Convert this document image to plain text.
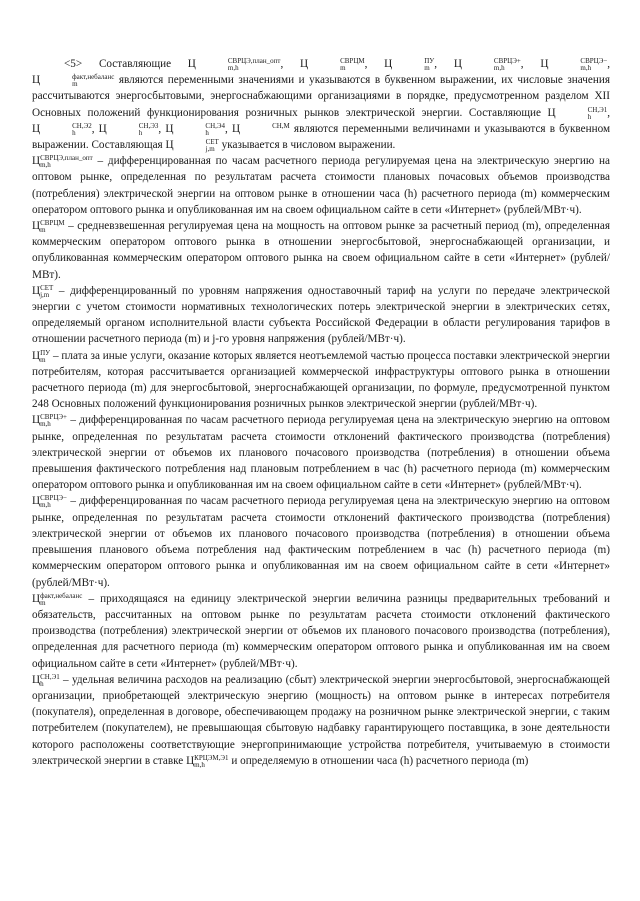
<5> Составляющие Ц	СВРЦЭ,план_опт
m,h	, Ц	СВРЦМ
m	, Ц	ПУ
m , Ц	СВРЦЭ+
m,h	, Ц	СВРЦЭ−
m,h	, Ц	факт,небаланс
m	являются переменными значениями и указываются в буквенном выражении, их числовые значения рассчитываются энергосбытовыми, энергоснабжающими организациями в порядке, предусмотренном разделом XII Основных положений функционирования розничных рынков электрической энергии. Составляющие Ц	СН,Э1
h	, Ц	СН,Э2
h	, Ц	СН,Э3
h	, Ц	СН,Э4
h	, Ц	СН,М
являются переменными величинами и указываются в буквенном выражении. Составляющая Ц	СЕТ
j,m указывается в числовом выражении.

Ц СВРЦЭ,план_опт
m,h	– дифференцированная по часам расчетного периода регулируемая цена на электрическую энергию на оптовом рынке, определенная по результатам расчета стоимости плановых почасовых объемов производства (потребления) электрической энергии на оптовом рынке в отношении часа (h) расчетного периода (m) коммерческим оператором оптового рынка и опубликованная им на своем официальном сайте в сети «Интернет» (рублей/МВт·ч).

Ц СВРЦМ
m	– средневзвешенная регулируемая цена на мощность на оптовом рынке за расчетный период (m), определенная коммерческим оператором оптового рынка в отношении энергосбытовой, энергоснабжающей организации, и опубликованная коммерческим оператором оптового рынка на своем официальном сайте в сети «Интернет» (рублей/МВт).

Ц СЕТ
j,m – дифференцированный по уровням напряжения одноставочный тариф на услуги по передаче электрической энергии с учетом стоимости нормативных технологических потерь электрической энергии в электрических сетях, определяемый органом исполнительной власти субъекта Российской Федерации в области регулирования тарифов в отношении расчетного периода (m) и j-го уровня напряжения (рублей/МВт·ч).

Ц ПУ
m – плата за иные услуги, оказание которых является неотъемлемой частью процесса поставки электрической энергии потребителям, которая рассчитывается организацией коммерческой инфраструктуры оптового рынка в отношении расчетного периода (m) для энергосбытовой, энергоснабжающей организации, по формуле, предусмотренной пунктом 248 Основных положений функционирования розничных рынков электрической энергии (рублей/МВт·ч).

Ц СВРЦЭ+
m,h	– дифференцированная по часам расчетного периода регулируемая цена на электрическую энергию на оптовом рынке, определенная по результатам расчета стоимости отклонений фактического производства (потребления) электрической энергии от объемов их планового почасового производства (потребления) в отношении объема превышения фактического потребления над плановым потреблением в час (h) расчетного периода (m) коммерческим оператором оптового рынка и опубликованная им на своем официальном сайте в сети «Интернет» (рублей/МВт·ч).

Ц СВРЦЭ−
m,h	– дифференцированная по часам расчетного периода регулируемая цена на электрическую энергию на оптовом рынке, определенная по результатам расчета стоимости отклонений фактического производства (потребления) электрической энергии от объемов их планового почасового производства (потребления) в отношении объема превышения планового объема потребления над фактическим потреблением в час (h) расчетного периода (m) коммерческим оператором оптового рынка и опубликованная им на своем официальном сайте в сети «Интернет» (рублей/МВт·ч).

Ц факт,небаланс
m	– приходящаяся на единицу электрической энергии величина разницы предварительных требований и обязательств, рассчитанных на оптовом рынке по результатам расчета стоимости отклонений фактического производства (потребления) электрической энергии от объемов их планового почасового производства (потребления), определенная для расчетного периода (m) коммерческим оператором оптового рынка и опубликованная им на своем официальном сайте в сети «Интернет» (рублей/МВт·ч).

Ц СН,Э1
h	– удельная величина расходов на реализацию (сбыт) электрической энергии энергосбытовой, энергоснабжающей организации, приобретающей электрическую энергию (мощность) на оптовом рынке в интересах потребителя (покупателя), определенная в договоре, обеспечивающем продажу на розничном рынке электрической энергии, с таким потребителем (покупателем), не превышающая сбытовую надбавку гарантирующего поставщика, в зоне деятельности которого расположены соответствующие энергопринимающие устройства потребителя, учитываемую в стоимости электрической энергии в ставке Ц КРЦЭМ,Э1
m,h	и определяемую в отношении часа (h) расчетного периода (m)
